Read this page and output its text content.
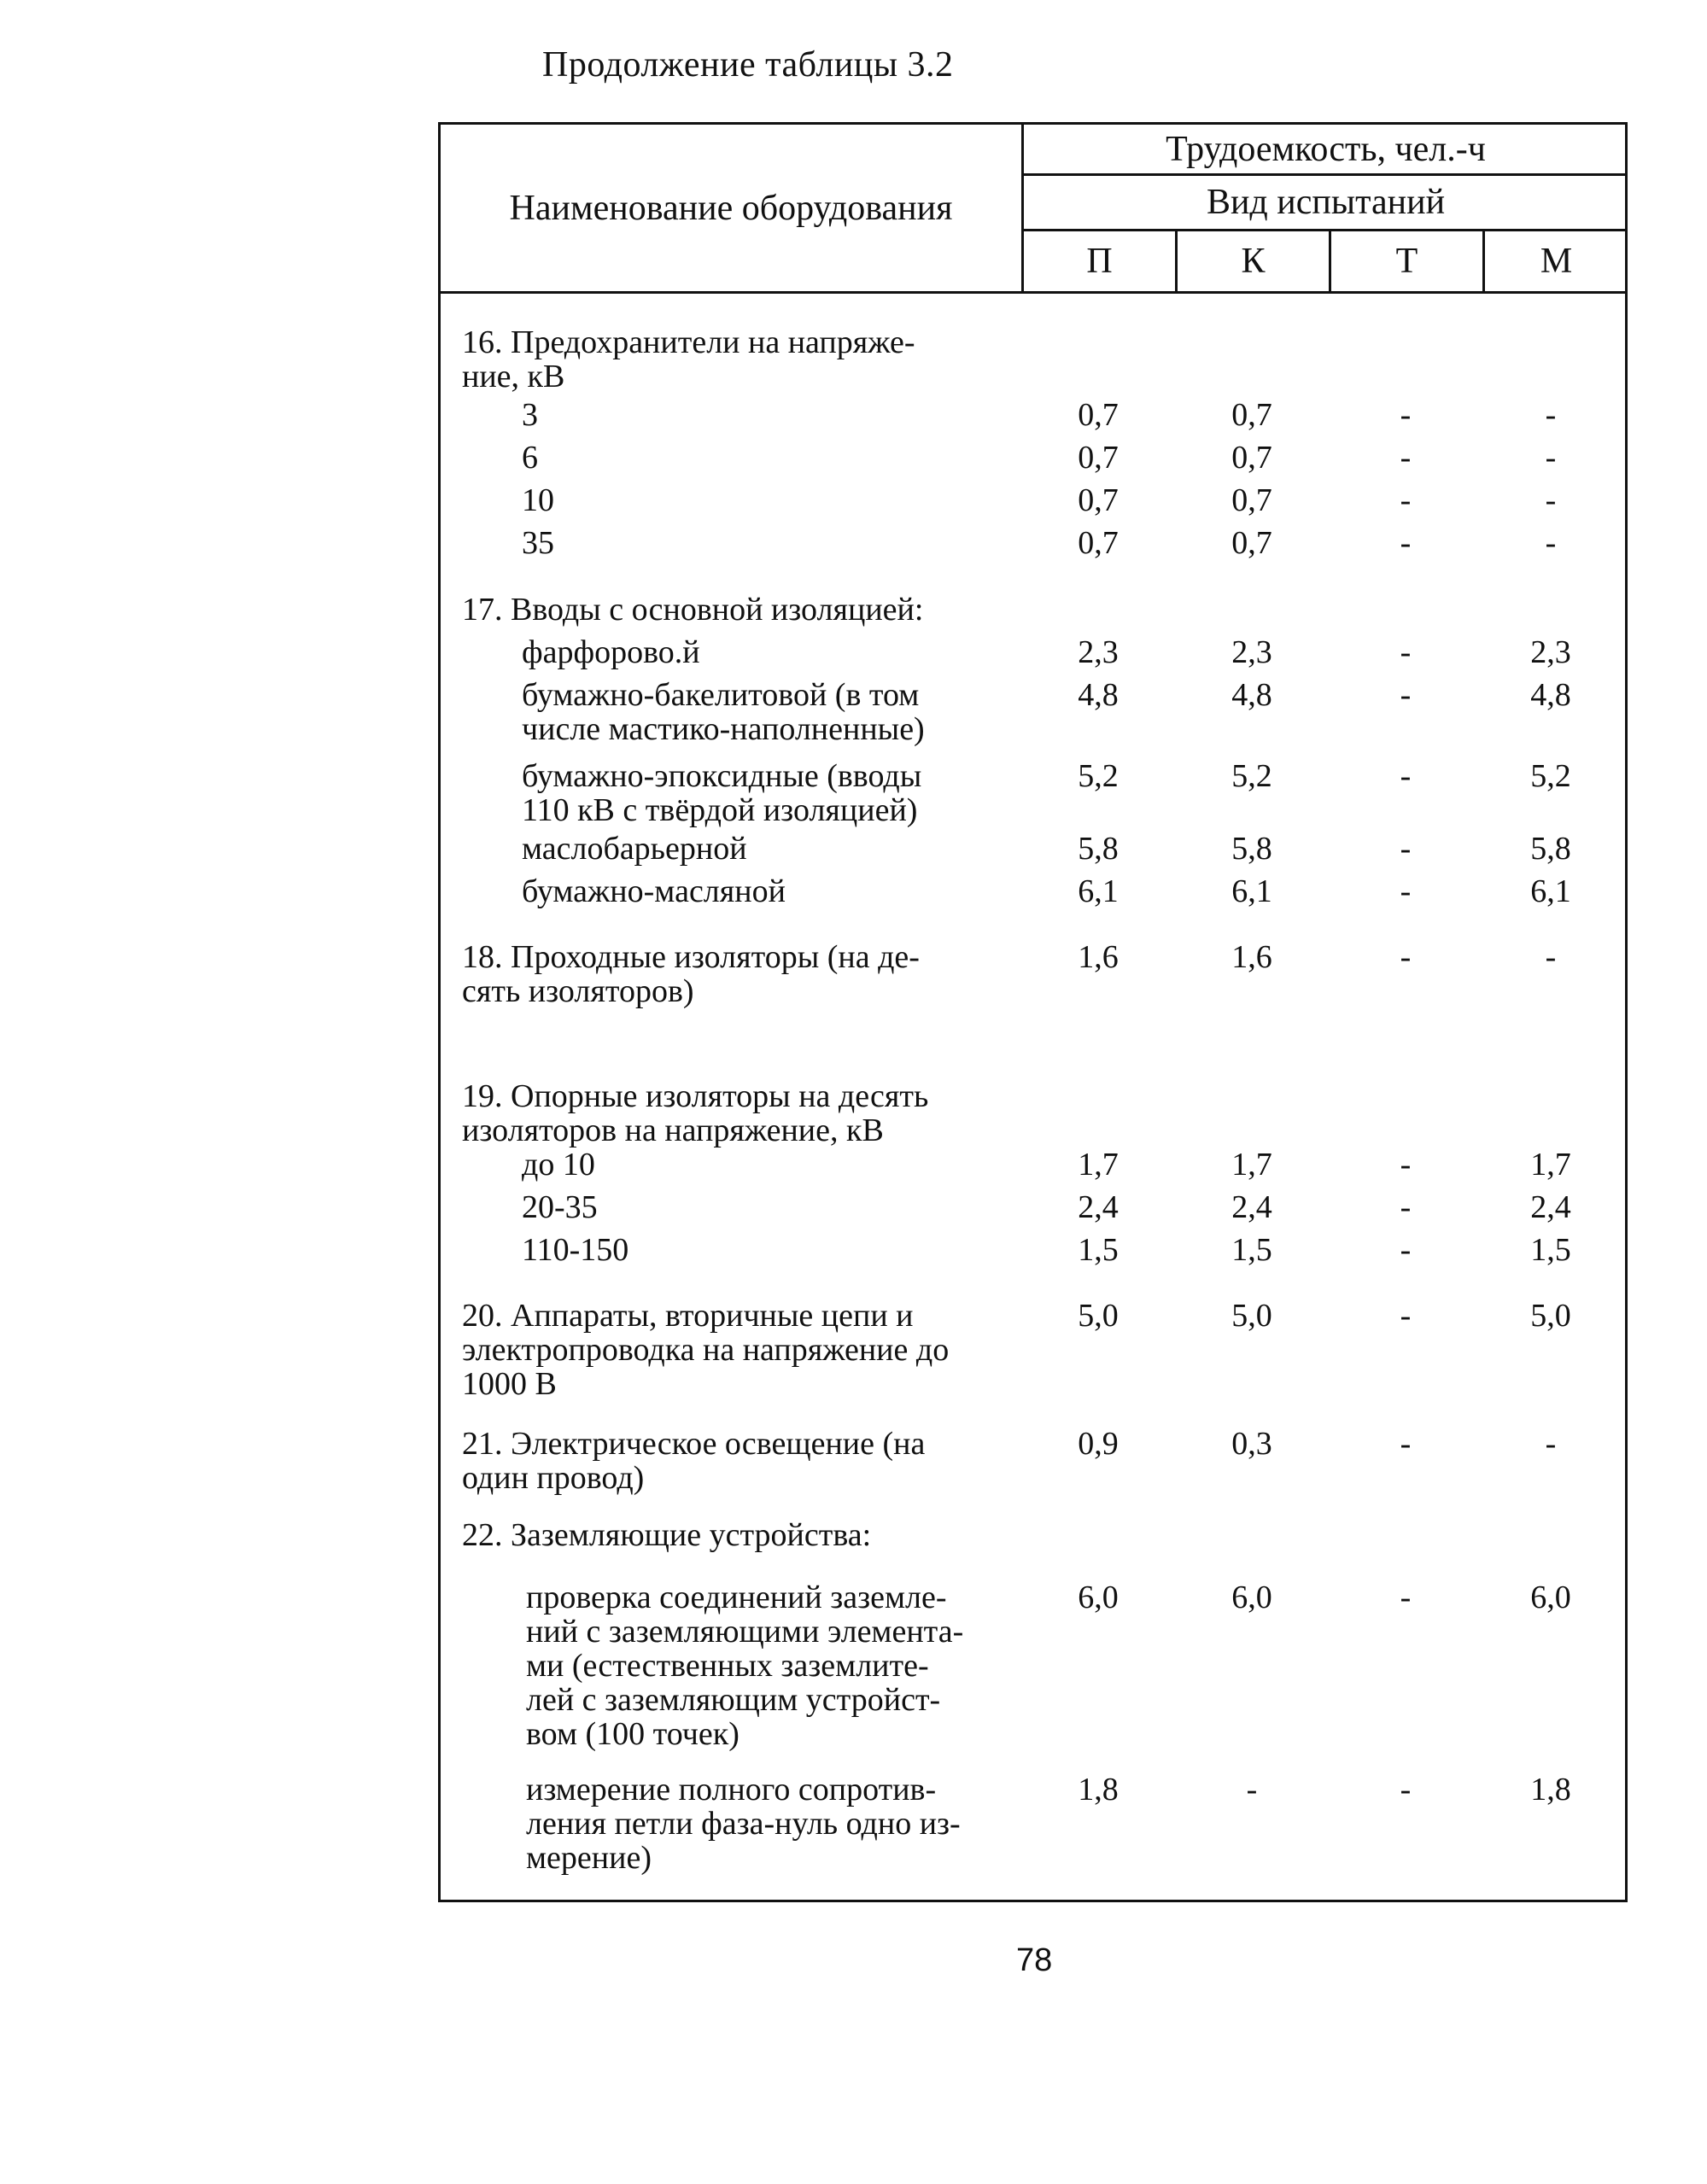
Продолжение таблицы 3.2
Наименование оборудования
Трудоемкость, чел.-ч
Вид испытаний
П	К	Т	М
16. Предохранители на напряже-
ние, кВ
3	0,7	0,7	-	-
6	0,7	0,7	-	-
10	0,7	0,7	-	-
35	0,7	0,7	-	-
17. Вводы с основной изоляцией:
фарфорово.й	2,3	2,3	-	2,3
бумажно-бакелитовой (в том
числе мастико-наполненные)
4,8	4,8	-	4,8
бумажно-эпоксидные (вводы
110 кВ с твёрдой изоляцией)
5,2	5,2	-	5,2
маслобарьерной	5,8	5,8	-	5,8
бумажно-масляной	6,1	6,1	-	6,1
18. Проходные изоляторы (на де-
сять изоляторов)
1,6	1,6	-	-
19. Опорные изоляторы на десять
изоляторов на напряжение, кВ
до 10	1,7	1,7	-	1,7
20-35	2,4	2,4	-	2,4
110-150	1,5	1,5	-	1,5
20. Аппараты, вторичные цепи и
электропроводка на напряжение до
1000 В
5,0	5,0	-	5,0
21. Электрическое освещение (на
один провод)
0,9	0,3	-	-
22. Заземляющие устройства:
проверка соединений заземле-
ний с заземляющими элемента-
ми (естественных заземлите-
лей с заземляющим устройст-
вом (100 точек)
6,0	6,0	-	6,0
измерение полного сопротив-
ления петли фаза-нуль одно из-
мерение)
1,8	-	-	1,8
78
